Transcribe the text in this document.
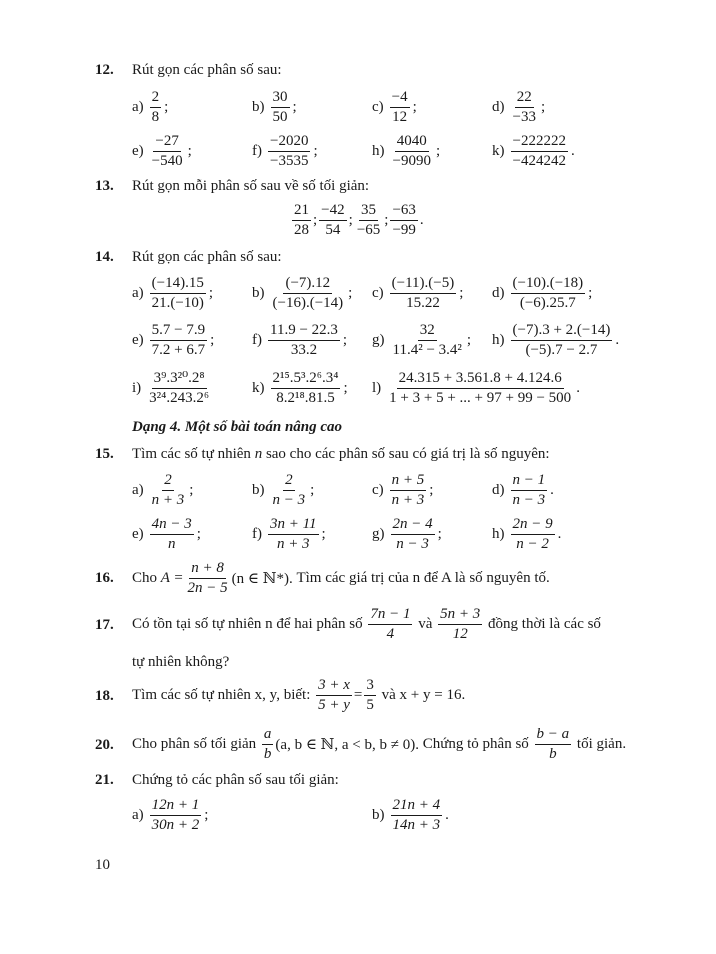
12. Rút gọn các phân số sau:
$a) \frac{2}{8}$ ;	$b) \frac{30}{50}$ ;	$c) \frac{-4}{12}$ ;	$d) \frac{22}{-33}$ ;
$e) \frac{-27}{-540}$ ;	$f) \frac{-2020}{-3535}$ ;	$h) \frac{4040}{-9090}$ ;	$k) \frac{-222222}{-424242}$ .
13. Rút gọn mỗi phân số sau về số tối giản:
$\frac{21}{28}$ ; $\frac{-42}{54}$ ; $\frac{35}{-65}$ ; $\frac{-63}{-99}$ .
14. Rút gọn các phân số sau:
$a) \frac{(-14).15}{21.(-10)}$ ;	$b) \frac{(-7).12}{(-16).(-14)}$ ; $c) \frac{(-11).(-5)}{15.22}$ ; $d) \frac{(-10).(-18)}{(-6).25.7}$ ;
$e) \frac{5.7 - 7.9}{7.2 + 6.7}$ ;	$f) \frac{11.9 - 22.3}{33.2}$ ; $g) \frac{32}{\text{11.4² − 3.4²}}$ ; $h) \frac{(-7).3 + 2.(-14)}{(-5).7 - 2.7}$ .
$i) \frac{\text{3⁹.3²⁰.2⁸}}{\text{3²⁴.243.2⁶}}$	$k) \frac{\text{2¹⁵.5³.2⁶.3⁴}}{\text{8.2¹⁸.81.5}}$ ; $l) \frac{24.315 + 3.561.8 + 4.124.6}{1 + 3 + 5 + ... + 97 + 99 - 500}$ .
Dạng 4. Một số bài toán nâng cao
15. Tìm các số tự nhiên n sao cho các phân số sau có giá trị là số nguyên:
$a) \frac{2}{n + 3}$ ;	$b) \frac{2}{n - 3}$ ;	$c) \frac{n + 5}{n + 3}$ ;	$d) \frac{n - 1}{n - 3}$ .
$e) \frac{4n - 3}{n}$ ;	$f) \frac{3n + 11}{n + 3}$ ;	$g) \frac{2n - 4}{n - 3}$ ;	$h) \frac{2n - 9}{n - 2}$ .
16. Cho
$A = \frac{n + 8}{2n - 5} (n$ ∈ ℕ*).
Tìm các giá trị của n để A là số nguyên tố.
17. Có tồn tại số tự nhiên n để hai phân số
$\frac{7n - 1}{4}$
và
$\frac{5n + 3}{12}$
đồng thời là các số
tự nhiên không?
18. Tìm các số tự nhiên x, y, biết:
$\frac{3 + x}{5 + y} = \frac{3}{5}$
và x + y = 16.
20. Cho phân số tối giản
$\frac{a}{b} (a$, b ∈ ℕ, a < b, b ≠ 0).
Chứng tỏ phân số
$\frac{b - a}{b}$
tối giản.
21. Chứng tỏ các phân số sau tối giản:
$a) \frac{12n + 1}{30n + 2}$ ;	$b) \frac{21n + 4}{14n + 3}$ .
10
